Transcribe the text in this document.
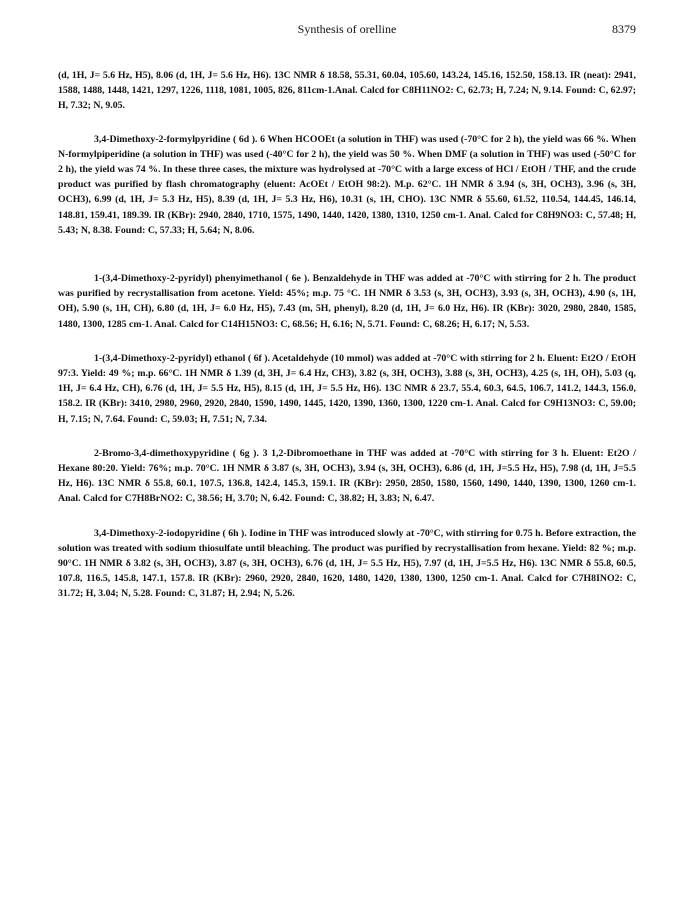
Synthesis of orelline	8379

(d, 1H, J= 5.6 Hz, H5), 8.06 (d, 1H, J= 5.6 Hz, H6). 13C NMR δ 18.58, 55.31, 60.04, 105.60, 143.24, 145.16, 152.50, 158.13. IR (neat): 2941, 1588, 1488, 1448, 1421, 1297, 1226, 1118, 1081, 1005, 826, 811cm-1.Anal. Calcd for C8H11NO2: C, 62.73; H, 7.24; N, 9.14. Found: C, 62.97; H, 7.32; N, 9.05.

3,4-Dimethoxy-2-formylpyridine ( 6d ). 6 When HCOOEt (a solution in THF) was used (-70°C for 2 h), the yield was 66 %. When N-formylpiperidine (a solution in THF) was used (-40°C for 2 h), the yield was 50 %. When DMF (a solution in THF) was used (-50°C for 2 h), the yield was 74 %. In these three cases, the mixture was hydrolysed at -70°C with a large excess of HCl / EtOH / THF, and the crude product was purified by flash chromatography (eluent: AcOEt / EtOH 98:2). M.p. 62°C. 1H NMR δ 3.94 (s, 3H, OCH3), 3.96 (s, 3H, OCH3), 6.99 (d, 1H, J= 5.3 Hz, H5), 8.39 (d, 1H, J= 5.3 Hz, H6), 10.31 (s, 1H, CHO). 13C NMR δ 55.60, 61.52, 110.54, 144.45, 146.14, 148.81, 159.41, 189.39. IR (KBr): 2940, 2840, 1710, 1575, 1490, 1440, 1420, 1380, 1310, 1250 cm-1. Anal. Calcd for C8H9NO3: C, 57.48; H, 5.43; N, 8.38. Found: C, 57.33; H, 5.64; N, 8.06.

1-(3,4-Dimethoxy-2-pyridyl) phenyimethanol ( 6e ). Benzaldehyde in THF was added at -70°C with stirring for 2 h. The product was purified by recrystallisation from acetone. Yield: 45%; m.p. 75 °C. 1H NMR δ 3.53 (s, 3H, OCH3), 3.93 (s, 3H, OCH3), 4.90 (s, 1H, OH), 5.90 (s, 1H, CH), 6.80 (d, 1H, J= 6.0 Hz, H5), 7.43 (m, 5H, phenyl), 8.20 (d, 1H, J= 6.0 Hz, H6). IR (KBr): 3020, 2980, 2840, 1585, 1480, 1300, 1285 cm-1. Anal. Calcd for C14H15NO3: C, 68.56; H, 6.16; N, 5.71. Found: C, 68.26; H, 6.17; N, 5.53.

1-(3,4-Dimethoxy-2-pyridyl) ethanol ( 6f ). Acetaldehyde (10 mmol) was added at -70°C with stirring for 2 h. Eluent: Et2O / EtOH 97:3. Yield: 49 %; m.p. 66°C. 1H NMR δ 1.39 (d, 3H, J= 6.4 Hz, CH3), 3.82 (s, 3H, OCH3), 3.88 (s, 3H, OCH3), 4.25 (s, 1H, OH), 5.03 (q, 1H, J= 6.4 Hz, CH), 6.76 (d, 1H, J= 5.5 Hz, H5), 8.15 (d, 1H, J= 5.5 Hz, H6). 13C NMR δ 23.7, 55.4, 60.3, 64.5, 106.7, 141.2, 144.3, 156.0, 158.2. IR (KBr): 3410, 2980, 2960, 2920, 2840, 1590, 1490, 1445, 1420, 1390, 1360, 1300, 1220 cm-1. Anal. Calcd for C9H13NO3: C, 59.00; H, 7.15; N, 7.64. Found: C, 59.03; H, 7.51; N, 7.34.

2-Bromo-3,4-dimethoxypyridine ( 6g ). 3 1,2-Dibromoethane in THF was added at -70°C with stirring for 3 h. Eluent: Et2O / Hexane 80:20. Yield: 76%; m.p. 70°C. 1H NMR δ 3.87 (s, 3H, OCH3), 3.94 (s, 3H, OCH3), 6.86 (d, 1H, J=5.5 Hz, H5), 7.98 (d, 1H, J=5.5 Hz, H6). 13C NMR δ 55.8, 60.1, 107.5, 136.8, 142.4, 145.3, 159.1. IR (KBr): 2950, 2850, 1580, 1560, 1490, 1440, 1390, 1300, 1260 cm-1. Anal. Calcd for C7H8BrNO2: C, 38.56; H, 3.70; N, 6.42. Found: C, 38.82; H, 3.83; N, 6.47.

3,4-Dimethoxy-2-iodopyridine ( 6h ). Iodine in THF was introduced slowly at -70°C, with stirring for 0.75 h. Before extraction, the solution was treated with sodium thiosulfate until bleaching. The product was purified by recrystallisation from hexane. Yield: 82 %; m.p. 90°C. 1H NMR δ 3.82 (s, 3H, OCH3), 3.87 (s, 3H, OCH3), 6.76 (d, 1H, J= 5.5 Hz, H5), 7.97 (d, 1H, J=5.5 Hz, H6). 13C NMR δ 55.8, 60.5, 107.8, 116.5, 145.8, 147.1, 157.8. IR (KBr): 2960, 2920, 2840, 1620, 1480, 1420, 1380, 1300, 1250 cm-1. Anal. Calcd for C7H8INO2: C, 31.72; H, 3.04; N, 5.28. Found: C, 31.87; H, 2.94; N, 5.26.
